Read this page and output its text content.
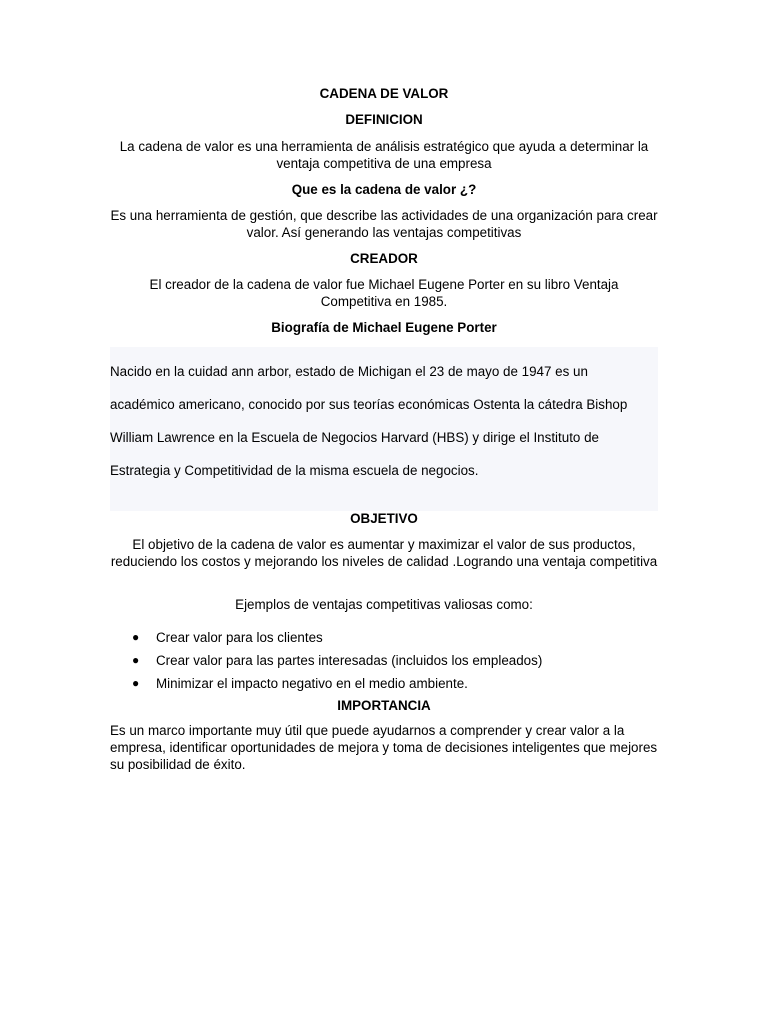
CADENA DE VALOR
DEFINICION

La cadena de valor es una herramienta de análisis estratégico que ayuda a determinar la ventaja competitiva de una empresa

Que es la cadena de valor ¿?

Es una herramienta de gestión, que describe las actividades de una organización para crear valor. Así generando las ventajas competitivas

CREADOR

El creador de la cadena de valor fue Michael Eugene Porter en su libro Ventaja Competitiva en 1985.

Biografía de Michael Eugene Porter
Nacido en la cuidad ann arbor, estado de Michigan el 23 de mayo de 1947 es un
académico americano, conocido por sus teorías económicas Ostenta la cátedra Bishop
William Lawrence en la Escuela de Negocios Harvard (HBS) y dirige el Instituto de
Estrategia y Competitividad de la misma escuela de negocios.
OBJETIVO

El objetivo de la cadena de valor es aumentar y maximizar el valor de sus productos, reduciendo los costos y mejorando los niveles de calidad .Logrando una ventaja competitiva

Ejemplos de ventajas competitivas valiosas como:

● Crear valor para los clientes
● Crear valor para las partes interesadas (incluidos los empleados)
● Minimizar el impacto negativo en el medio ambiente.
IMPORTANCIA

Es un marco importante muy útil que puede ayudarnos a comprender y crear valor a la empresa, identificar oportunidades de mejora y toma de decisiones inteligentes que mejores su posibilidad de éxito.
